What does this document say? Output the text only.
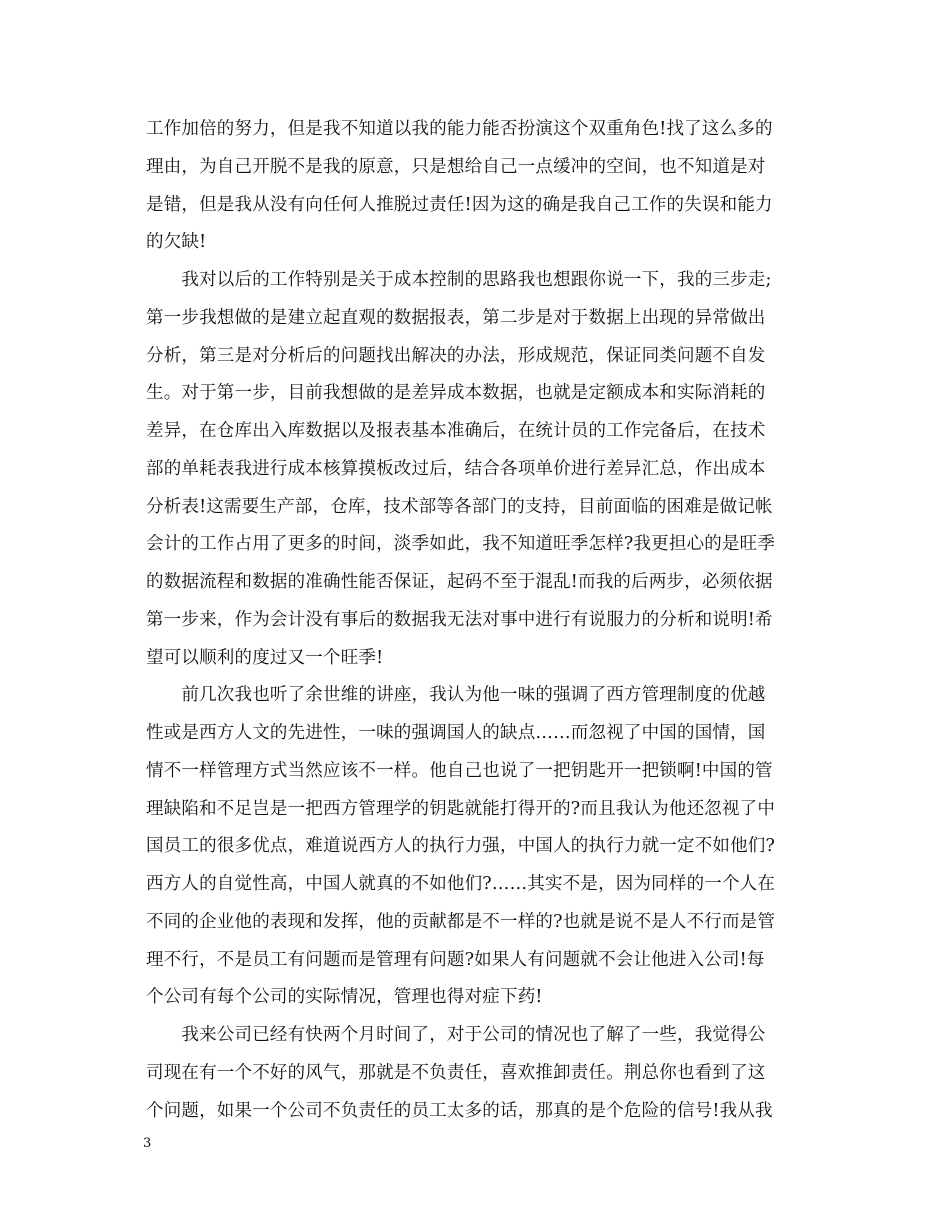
工作加倍的努力，但是我不知道以我的能力能否扮演这个双重角色!找了这么多的
理由，为自己开脱不是我的原意，只是想给自己一点缓冲的空间，也不知道是对
是错，但是我从没有向任何人推脱过责任!因为这的确是我自己工作的失误和能力
的欠缺!
　　我对以后的工作特别是关于成本控制的思路我也想跟你说一下，我的三步走;
第一步我想做的是建立起直观的数据报表，第二步是对于数据上出现的异常做出
分析，第三是对分析后的问题找出解决的办法，形成规范，保证同类问题不自发
生。对于第一步，目前我想做的是差异成本数据，也就是定额成本和实际消耗的
差异，在仓库出入库数据以及报表基本准确后，在统计员的工作完备后，在技术
部的单耗表我进行成本核算摸板改过后，结合各项单价进行差异汇总，作出成本
分析表!这需要生产部，仓库，技术部等各部门的支持，目前面临的困难是做记帐
会计的工作占用了更多的时间，淡季如此，我不知道旺季怎样?我更担心的是旺季
的数据流程和数据的准确性能否保证，起码不至于混乱!而我的后两步，必须依据
第一步来，作为会计没有事后的数据我无法对事中进行有说服力的分析和说明!希
望可以顺利的度过又一个旺季!
　　前几次我也听了余世维的讲座，我认为他一味的强调了西方管理制度的优越
性或是西方人文的先进性，一味的强调国人的缺点……而忽视了中国的国情，国
情不一样管理方式当然应该不一样。他自己也说了一把钥匙开一把锁啊!中国的管
理缺陷和不足岂是一把西方管理学的钥匙就能打得开的?而且我认为他还忽视了中
国员工的很多优点，难道说西方人的执行力强，中国人的执行力就一定不如他们?
西方人的自觉性高，中国人就真的不如他们?……其实不是，因为同样的一个人在
不同的企业他的表现和发挥，他的贡献都是不一样的?也就是说不是人不行而是管
理不行，不是员工有问题而是管理有问题?如果人有问题就不会让他进入公司!每
个公司有每个公司的实际情况，管理也得对症下药!
　　我来公司已经有快两个月时间了，对于公司的情况也了解了一些，我觉得公
司现在有一个不好的风气，那就是不负责任，喜欢推卸责任。荆总你也看到了这
个问题，如果一个公司不负责任的员工太多的话，那真的是个危险的信号!我从我
3
